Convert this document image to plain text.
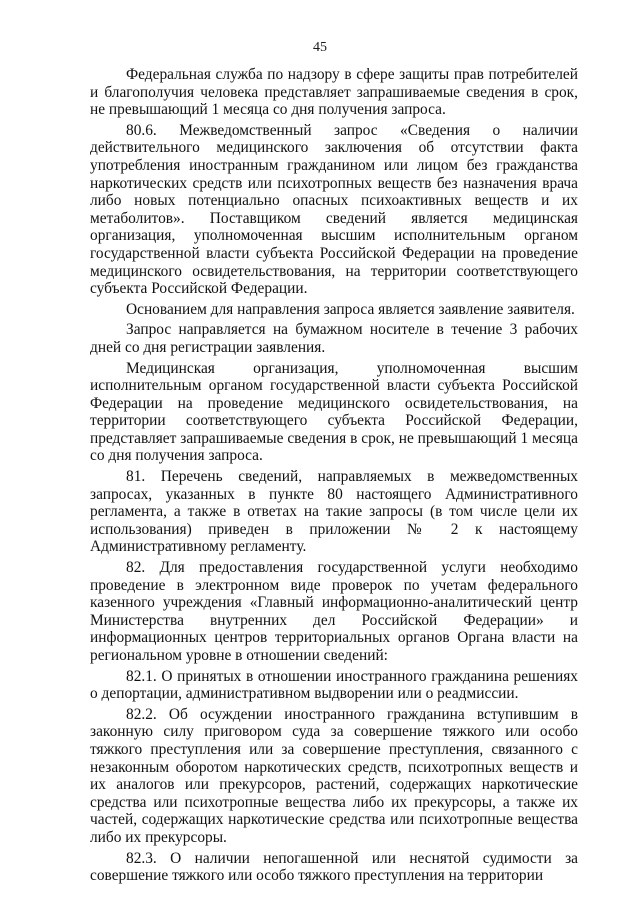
45

Федеральная служба по надзору в сфере защиты прав потребителей и благополучия человека представляет запрашиваемые сведения в срок, не превышающий 1 месяца со дня получения запроса.

80.6. Межведомственный запрос «Сведения о наличии действительного медицинского заключения об отсутствии факта употребления иностранным гражданином или лицом без гражданства наркотических средств или психотропных веществ без назначения врача либо новых потенциально опасных психоактивных веществ и их метаболитов». Поставщиком сведений является медицинская организация, уполномоченная высшим исполнительным органом государственной власти субъекта Российской Федерации на проведение медицинского освидетельствования, на территории соответствующего субъекта Российской Федерации.

Основанием для направления запроса является заявление заявителя.

Запрос направляется на бумажном носителе в течение 3 рабочих дней со дня регистрации заявления.

Медицинская организация, уполномоченная высшим исполнительным органом государственной власти субъекта Российской Федерации на проведение медицинского освидетельствования, на территории соответствующего субъекта Российской Федерации, представляет запрашиваемые сведения в срок, не превышающий 1 месяца со дня получения запроса.

81. Перечень сведений, направляемых в межведомственных запросах, указанных в пункте 80 настоящего Административного регламента, а также в ответах на такие запросы (в том числе цели их использования) приведен в приложении № 2 к настоящему Административному регламенту.

82. Для предоставления государственной услуги необходимо проведение в электронном виде проверок по учетам федерального казенного учреждения «Главный информационно-аналитический центр Министерства внутренних дел Российской Федерации» и информационных центров территориальных органов Органа власти на региональном уровне в отношении сведений:

82.1. О принятых в отношении иностранного гражданина решениях о депортации, административном выдворении или о реадмиссии.

82.2. Об осуждении иностранного гражданина вступившим в законную силу приговором суда за совершение тяжкого или особо тяжкого преступления или за совершение преступления, связанного с незаконным оборотом наркотических средств, психотропных веществ и их аналогов или прекурсоров, растений, содержащих наркотические средства или психотропные вещества либо их прекурсоры, а также их частей, содержащих наркотические средства или психотропные вещества либо их прекурсоры.

82.3. О наличии непогашенной или неснятой судимости за совершение тяжкого или особо тяжкого преступления на территории
